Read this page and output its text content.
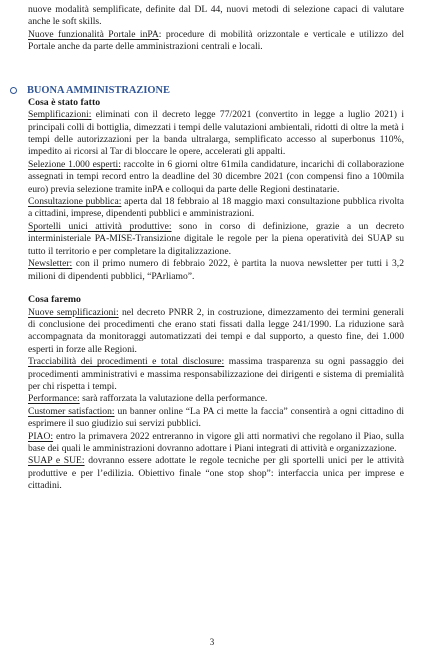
nuove modalità semplificate, definite dal DL 44, nuovi metodi di selezione capaci di valutare anche le soft skills.

Nuove funzionalità Portale inPA: procedure di mobilità orizzontale e verticale e utilizzo del Portale anche da parte delle amministrazioni centrali e locali.

BUONA AMMINISTRAZIONE
Cosa è stato fatto

Semplificazioni: eliminati con il decreto legge 77/2021 (convertito in legge a luglio 2021) i principali colli di bottiglia, dimezzati i tempi delle valutazioni ambientali, ridotti di oltre la metà i tempi delle autorizzazioni per la banda ultralarga, semplificato accesso al superbonus 110%, impedito ai ricorsi al Tar di bloccare le opere, accelerati gli appalti.

Selezione 1.000 esperti: raccolte in 6 giorni oltre 61mila candidature, incarichi di collaborazione assegnati in tempi record entro la deadline del 30 dicembre 2021 (con compensi fino a 100mila euro) previa selezione tramite inPA e colloqui da parte delle Regioni destinatarie.

Consultazione pubblica: aperta dal 18 febbraio al 18 maggio maxi consultazione pubblica rivolta a cittadini, imprese, dipendenti pubblici e amministrazioni.

Sportelli unici attività produttive: sono in corso di definizione, grazie a un decreto interministeriale PA-MISE-Transizione digitale le regole per la piena operatività dei SUAP su tutto il territorio e per completare la digitalizzazione.

Newsletter: con il primo numero di febbraio 2022, è partita la nuova newsletter per tutti i 3,2 milioni di dipendenti pubblici, “PArliamo”.

Cosa faremo

Nuove semplificazioni: nel decreto PNRR 2, in costruzione, dimezzamento dei termini generali di conclusione dei procedimenti che erano stati fissati dalla legge 241/1990. La riduzione sarà accompagnata da monitoraggi automatizzati dei tempi e dal supporto, a questo fine, dei 1.000 esperti in forze alle Regioni.

Tracciabilità dei procedimenti e total disclosure: massima trasparenza su ogni passaggio dei procedimenti amministrativi e massima responsabilizzazione dei dirigenti e sistema di premialità per chi rispetta i tempi.

Performance: sarà rafforzata la valutazione della performance.

Customer satisfaction: un banner online “La PA ci mette la faccia” consentirà a ogni cittadino di esprimere il suo giudizio sui servizi pubblici.

PIAO: entro la primavera 2022 entreranno in vigore gli atti normativi che regolano il Piao, sulla base dei quali le amministrazioni dovranno adottare i Piani integrati di attività e organizzazione.

SUAP e SUE: dovranno essere adottate le regole tecniche per gli sportelli unici per le attività produttive e per l’edilizia. Obiettivo finale “one stop shop”: interfaccia unica per imprese e cittadini.

3
